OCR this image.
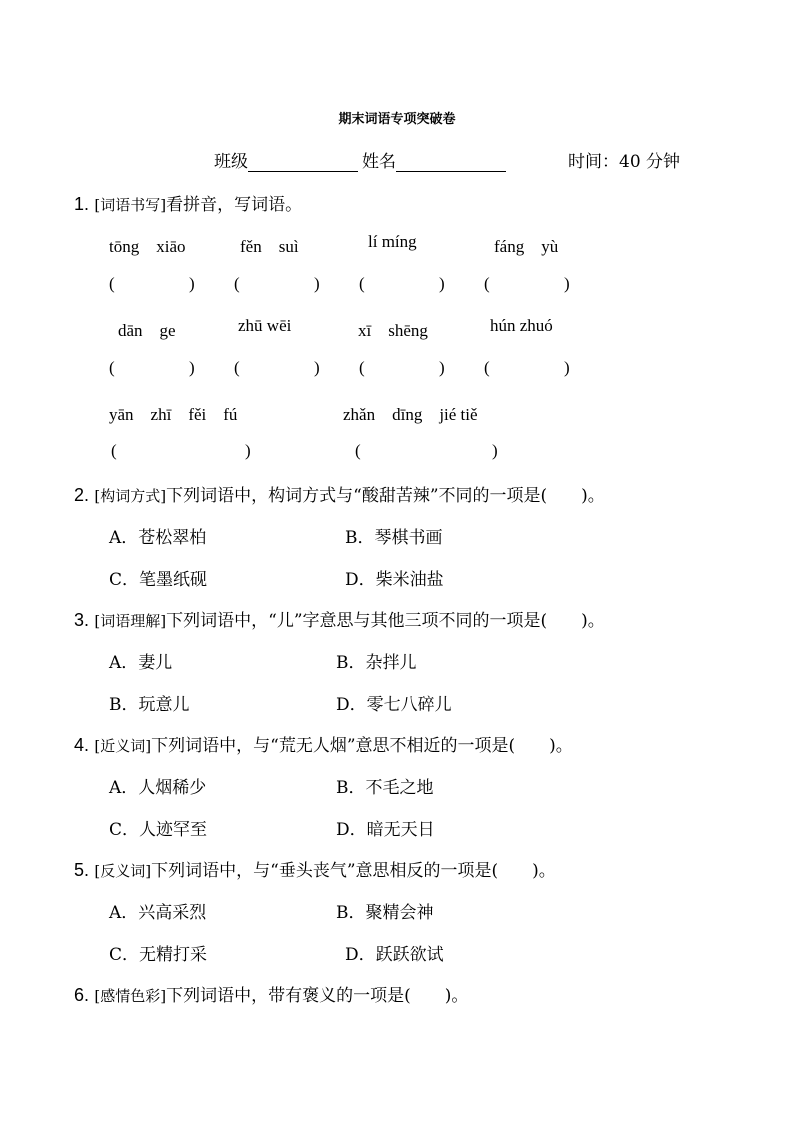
期末词语专项突破卷
班级	姓名	时间：40 分钟
1. [词语书写]看拼音，写词语。
tōng　xiāo	fěn　suì	lí míng	fáng　yù
(	) (	) (	) (	)
dān　ge	zhū wēi	xī　shēng	hún zhuó
(	) (	) (	) (	)
yān　zhī　fěi　fú	zhǎn　dīng　jié tiě
(	)	(	)
2. [构词方式]下列词语中，构词方式与“酸甜苦辣”不同的一项是(　　)。
A．苍松翠柏	B．琴棋书画
C．笔墨纸砚	D．柴米油盐
3. [词语理解]下列词语中，“儿”字意思与其他三项不同的一项是(　　)。
A．妻儿	B．杂拌儿
B．玩意儿	D．零七八碎儿
4. [近义词]下列词语中，与“荒无人烟”意思不相近的一项是(　　)。
A．人烟稀少	B．不毛之地
C．人迹罕至	D．暗无天日
5. [反义词]下列词语中，与“垂头丧气”意思相反的一项是(　　)。
A．兴高采烈	B．聚精会神
C．无精打采	D．跃跃欲试
6. [感情色彩]下列词语中，带有褒义的一项是(　　)。
